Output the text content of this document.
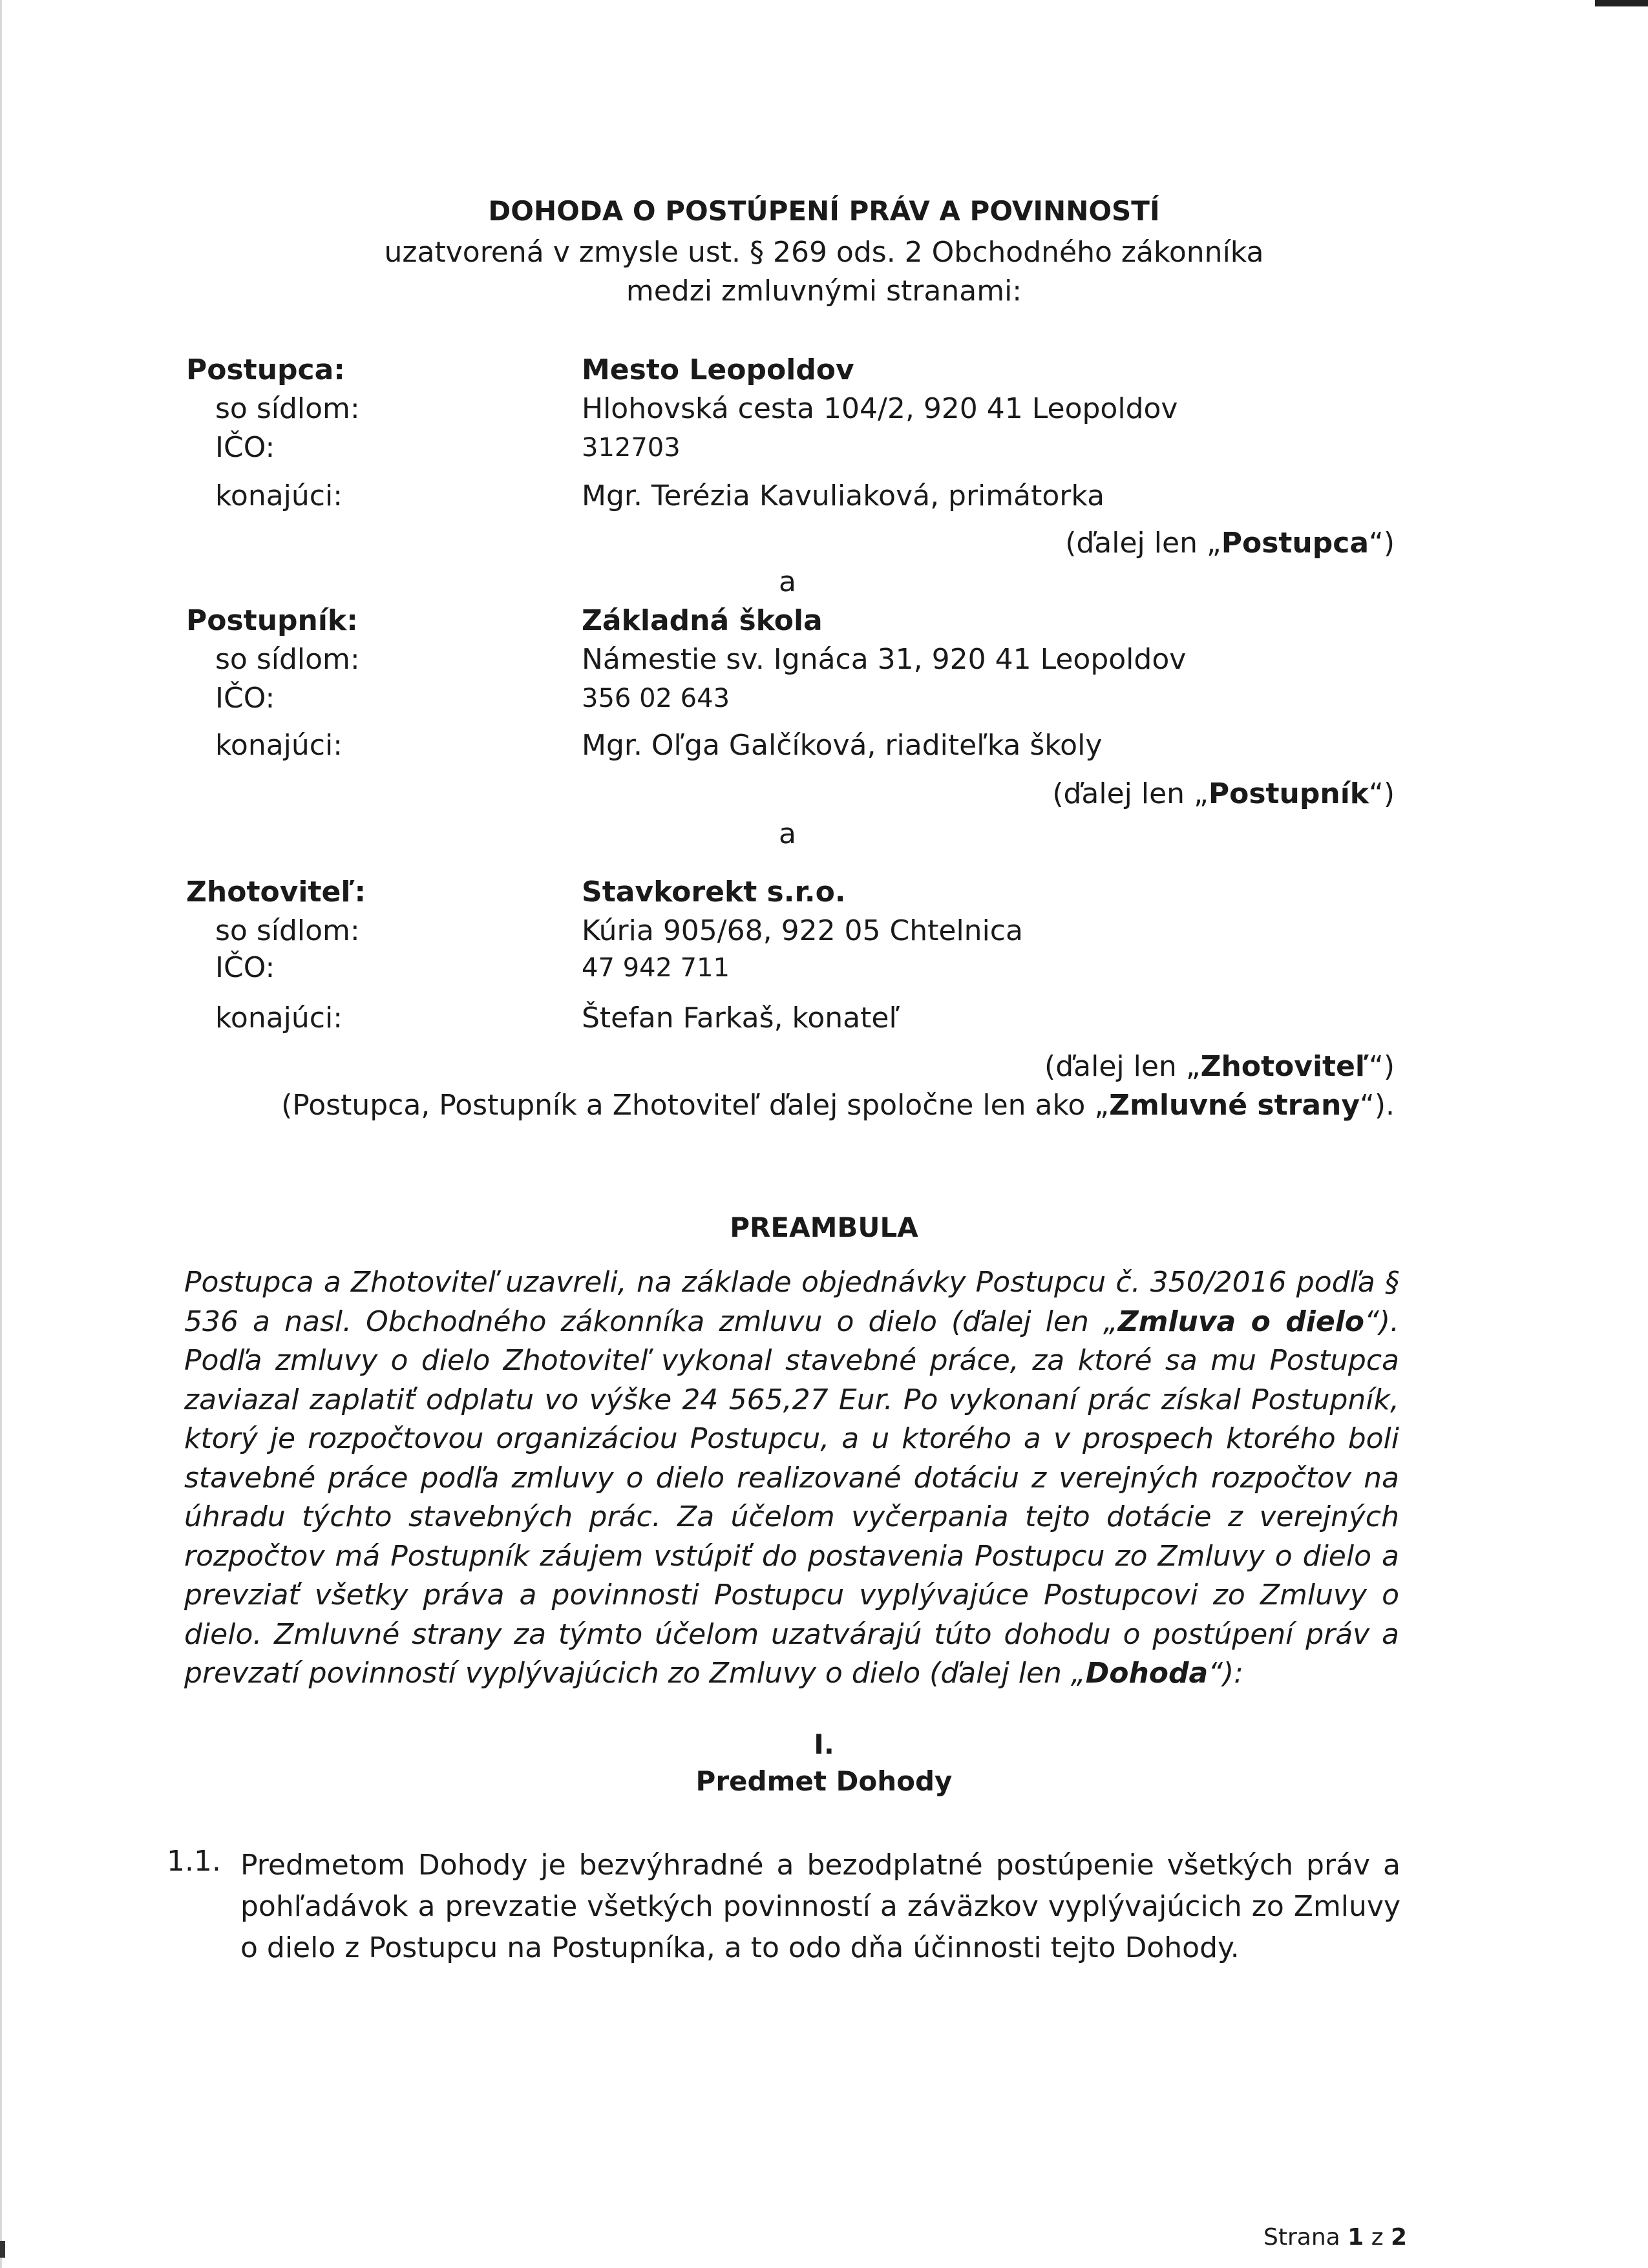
DOHODA O POSTÚPENÍ PRÁV A POVINNOSTÍ
uzatvorená v zmysle ust. § 269 ods. 2 Obchodného zákonníka
medzi zmluvnými stranami:
Postupca:
so sídlom:
IČO:
konajúci:
Mesto Leopoldov
Hlohovská cesta 104/2, 920 41 Leopoldov
312703
Mgr. Terézia Kavuliaková, primátorka
(ďalej len „Postupca“)
a
Postupník:
so sídlom:
IČO:
konajúci:
Základná škola
Námestie sv. Ignáca 31, 920 41 Leopoldov
356 02 643
Mgr. Oľga Galčíková, riaditeľka školy
(ďalej len „Postupník“)
a
Zhotoviteľ:
so sídlom:
IČO:
konajúci:
Stavkorekt s.r.o.
Kúria 905/68, 922 05 Chtelnica
47 942 711
Štefan Farkaš, konateľ
(ďalej len „Zhotoviteľ“)
(Postupca, Postupník a Zhotoviteľ ďalej spoločne len ako „Zmluvné strany“).
PREAMBULA
Postupca a Zhotoviteľ uzavreli, na základe objednávky Postupcu č. 350/2016 podľa § 536 a nasl. Obchodného zákonníka zmluvu o dielo (ďalej len „Zmluva o dielo“). Podľa zmluvy o dielo Zhotoviteľ vykonal stavebné práce, za ktoré sa mu Postupca zaviazal zaplatiť odplatu vo výške 24 565,27 Eur. Po vykonaní prác získal Postupník, ktorý je rozpočtovou organizáciou Postupcu, a u ktorého a v prospech ktorého boli stavebné práce podľa zmluvy o dielo realizované dotáciu z verejných rozpočtov na úhradu týchto stavebných prác. Za účelom vyčerpania tejto dotácie z verejných rozpočtov má Postupník záujem vstúpiť do postavenia Postupcu zo Zmluvy o dielo a prevziať všetky práva a povinnosti Postupcu vyplývajúce Postupcovi zo Zmluvy o dielo. Zmluvné strany za týmto účelom uzatvárajú túto dohodu o postúpení práv a prevzatí povinností vyplývajúcich zo Zmluvy o dielo (ďalej len „Dohoda“):
I.
Predmet Dohody
1.1. Predmetom Dohody je bezvýhradné a bezodplatné postúpenie všetkých práv a pohľadávok a prevzatie všetkých povinností a záväzkov vyplývajúcich zo Zmluvy o dielo z Postupcu na Postupníka, a to odo dňa účinnosti tejto Dohody.
Strana 1 z 2
